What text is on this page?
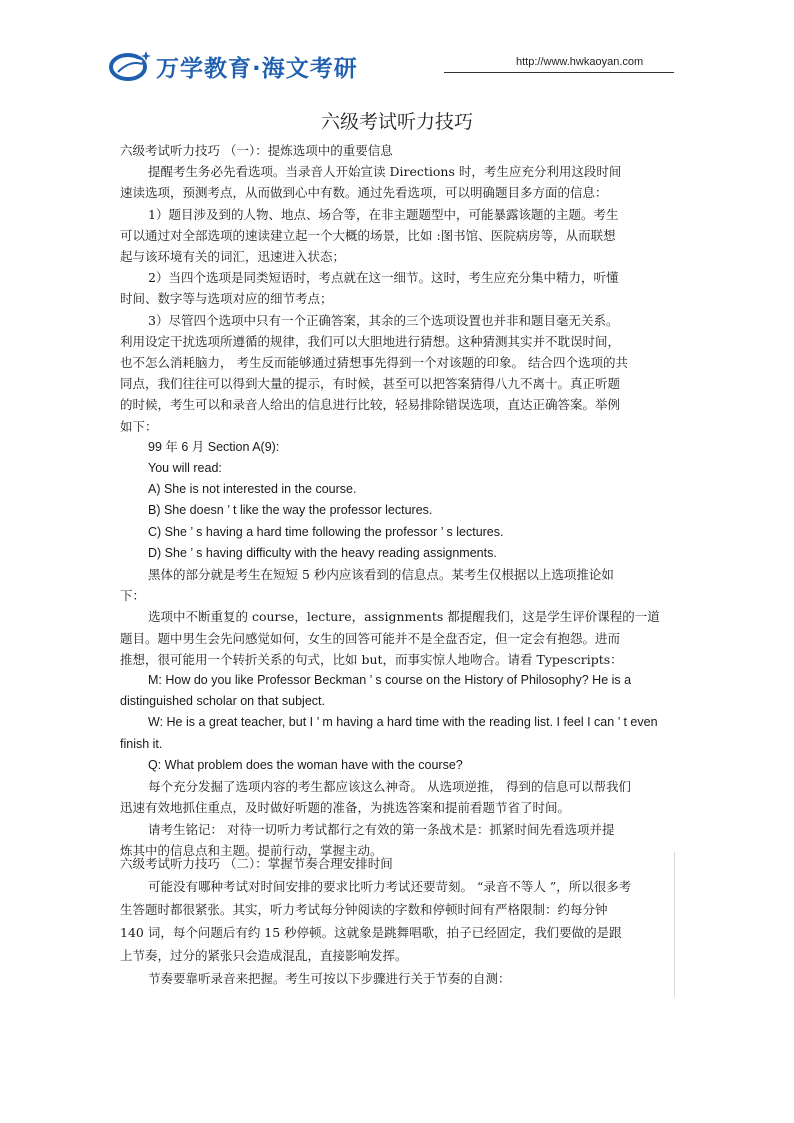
万学教育·海文考研	http://www.hwkaoyan.com
六级考试听力技巧
六级考试听力技巧 （一）：提炼选项中的重要信息
提醒考生务必先看选项。当录音人开始宣读 Directions 时，考生应充分利用这段时间
速读选项，预测考点，从而做到心中有数。通过先看选项，可以明确题目多方面的信息：
1）题目涉及到的人物、地点、场合等，在非主题题型中，可能暴露该题的主题。考生
可以通过对全部选项的速读建立起一个大概的场景，比如 :图书馆、医院病房等，从而联想
起与该环境有关的词汇，迅速进入状态；
2）当四个选项是同类短语时，考点就在这一细节。这时，考生应充分集中精力，听懂
时间、数字等与选项对应的细节考点；
3）尽管四个选项中只有一个正确答案，其余的三个选项设置也并非和题目毫无关系。
利用设定干扰选项所遵循的规律，我们可以大胆地进行猜想。这种猜测其实并不耽误时间，
也不怎么消耗脑力， 考生反而能够通过猜想事先得到一个对该题的印象。 结合四个选项的共
同点，我们往往可以得到大量的提示，有时候，甚至可以把答案猜得八九不离十。真正听题
的时候，考生可以和录音人给出的信息进行比较，轻易排除错误选项，直达正确答案。举例
如下：
99 年 6 月 Section A(9):
You will read:
A) She is not interested in the course.
B) She doesn ’ t like the way the professor lectures.
C) She ’ s having a hard time following the professor ’ s lectures.
D) She ’ s having difficulty with the heavy reading assignments.
黑体的部分就是考生在短短 5 秒内应该看到的信息点。某考生仅根据以上选项推论如
下：
选项中不断重复的 course，lecture，assignments 都提醒我们，这是学生评价课程的一道
题目。题中男生会先问感觉如何，女生的回答可能并不是全盘否定，但一定会有抱怨。进而
推想，很可能用一个转折关系的句式，比如 but，而事实惊人地吻合。请看 Typescripts：
M: How do you like Professor Beckman ’ s course on the History of Philosophy? He is a
distinguished scholar on that subject.
W: He is a great teacher, but I ’ m having a hard time with the reading list. I feel I can ’ t even
finish it.
Q: What problem does the woman have with the course?
每个充分发掘了选项内容的考生都应该这么神奇。 从选项逆推， 得到的信息可以帮我们
迅速有效地抓住重点，及时做好听题的准备，为挑选答案和提前看题节省了时间。
请考生铭记： 对待一切听力考试都行之有效的第一条战术是：抓紧时间先看选项并提
炼其中的信息点和主题。提前行动，掌握主动。
六级考试听力技巧 （二）：掌握节奏合理安排时间
可能没有哪种考试对时间安排的要求比听力考试还要苛刻。 “录音不等人 ”，所以很多考
生答题时都很紧张。其实，听力考试每分钟阅读的字数和停顿时间有严格限制：约每分钟
140 词，每个问题后有约 15 秒停顿。这就象是跳舞唱歌，拍子已经固定，我们要做的是跟
上节奏，过分的紧张只会造成混乱，直接影响发挥。
节奏要靠听录音来把握。考生可按以下步骤进行关于节奏的自测：
